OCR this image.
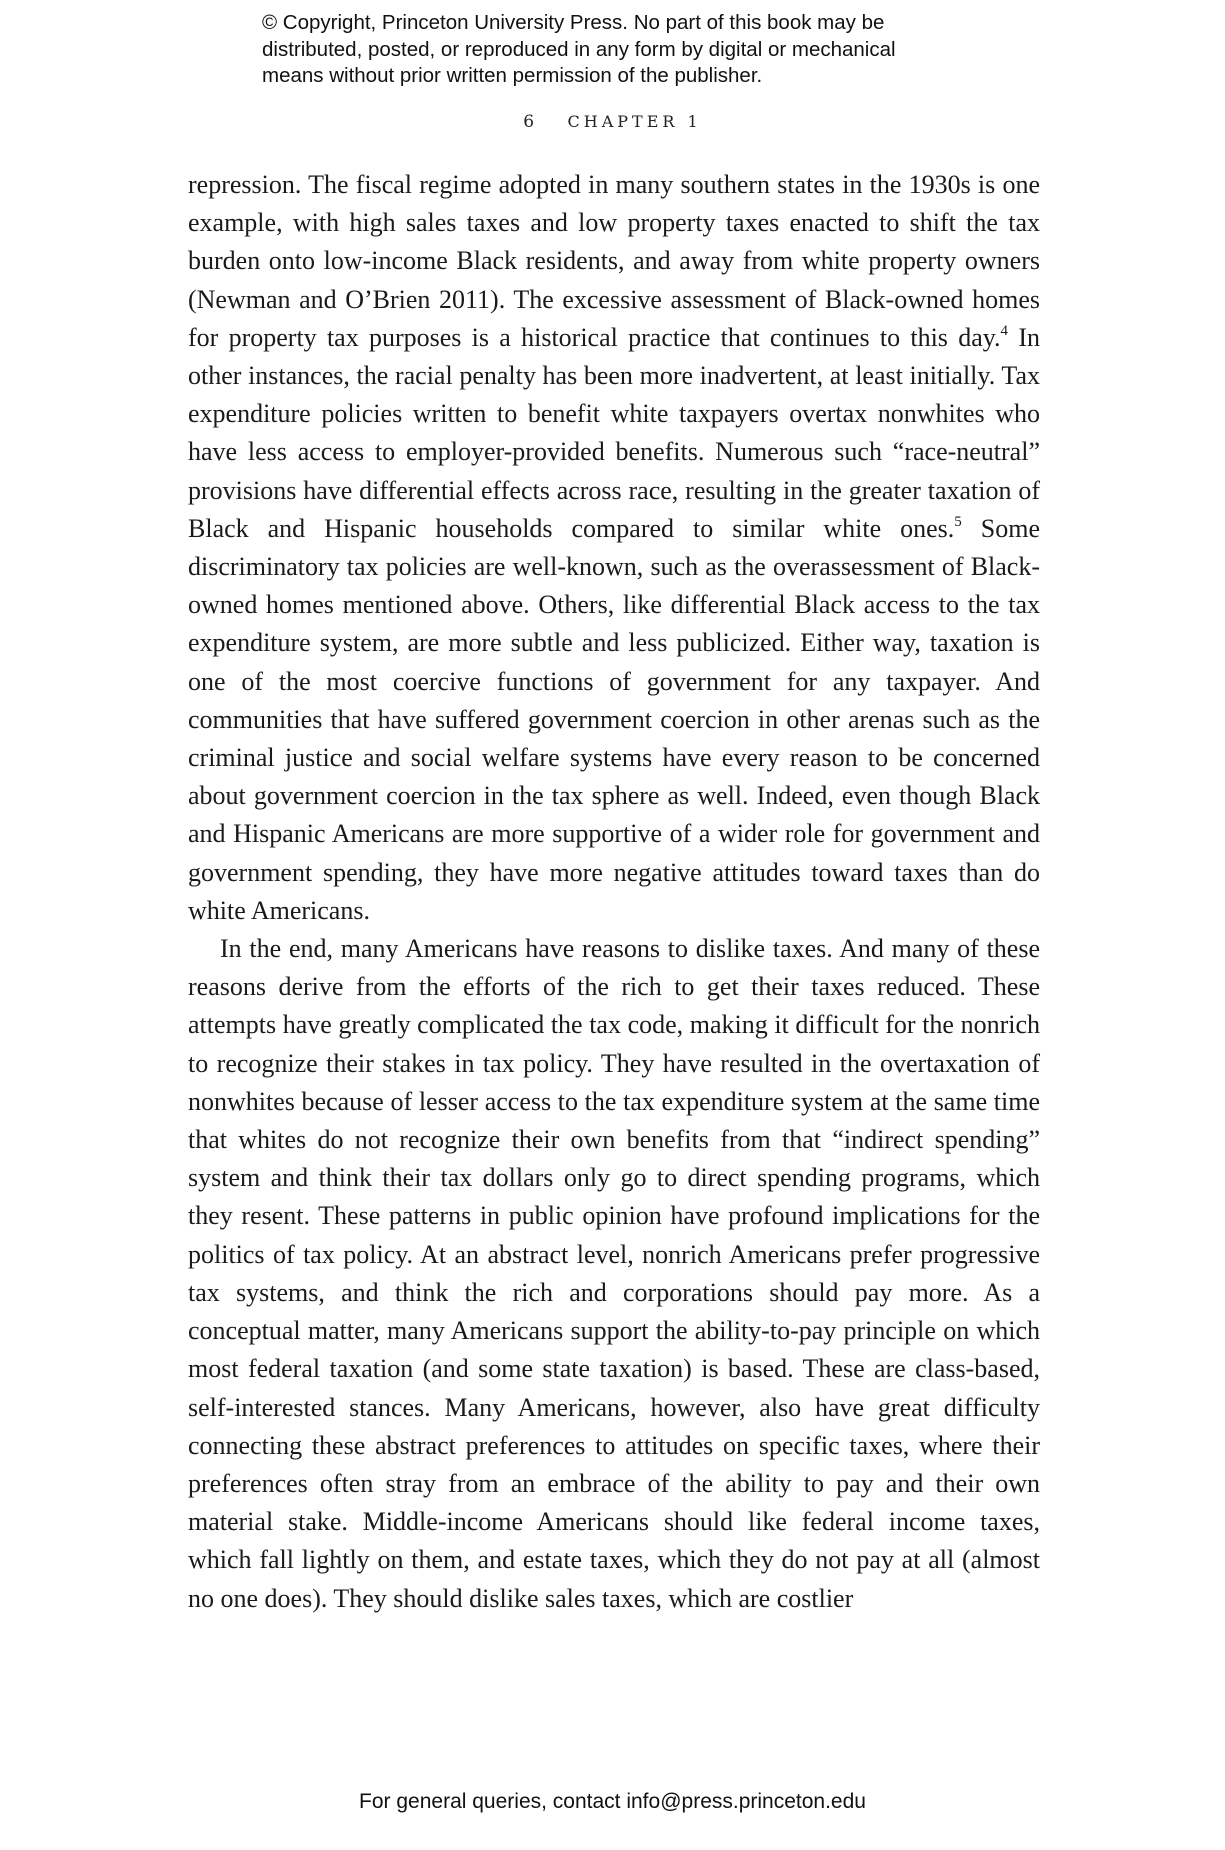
© Copyright, Princeton University Press. No part of this book may be
distributed, posted, or reproduced in any form by digital or mechanical
means without prior written permission of the publisher.
6 CHAPTER 1

repression. The fiscal regime adopted in many southern states in the 1930s is one example, with high sales taxes and low property taxes enacted to shift the tax burden onto low-income Black residents, and away from white property owners (Newman and O’Brien 2011). The excessive assessment of Black-owned homes for property tax purposes is a historical practice that continues to this day.$^4$ In other instances, the racial penalty has been more inadvertent, at least initially. Tax expenditure policies written to benefit white taxpayers overtax nonwhites who have less access to employer-provided benefits. Numerous such “race-neutral” provisions have differential effects across race, resulting in the greater taxation of Black and Hispanic households compared to similar white ones.$^5$ Some discriminatory tax policies are well-known, such as the overassessment of Black-owned homes mentioned above. Others, like differential Black access to the tax expenditure system, are more subtle and less publicized. Either way, taxation is one of the most coercive functions of government for any taxpayer. And communities that have suffered government coercion in other arenas such as the criminal justice and social welfare systems have every reason to be concerned about government coercion in the tax sphere as well. Indeed, even though Black and Hispanic Americans are more supportive of a wider role for government and government spending, they have more negative attitudes toward taxes than do white Americans.

In the end, many Americans have reasons to dislike taxes. And many of these reasons derive from the efforts of the rich to get their taxes reduced. These attempts have greatly complicated the tax code, making it difficult for the nonrich to recognize their stakes in tax policy. They have resulted in the overtaxation of nonwhites because of lesser access to the tax expenditure system at the same time that whites do not recognize their own benefits from that “indirect spending” system and think their tax dollars only go to direct spending programs, which they resent. These patterns in public opinion have profound implications for the politics of tax policy. At an abstract level, nonrich Americans prefer progressive tax systems, and think the rich and corporations should pay more. As a conceptual matter, many Americans support the ability-to-pay principle on which most federal taxation (and some state taxation) is based. These are class-based, self-interested stances. Many Americans, however, also have great difficulty connecting these abstract preferences to attitudes on specific taxes, where their preferences often stray from an embrace of the ability to pay and their own material stake. Middle-income Americans should like federal income taxes, which fall lightly on them, and estate taxes, which they do not pay at all (almost no one does). They should dislike sales taxes, which are costlier

For general queries, contact info@press.princeton.edu
